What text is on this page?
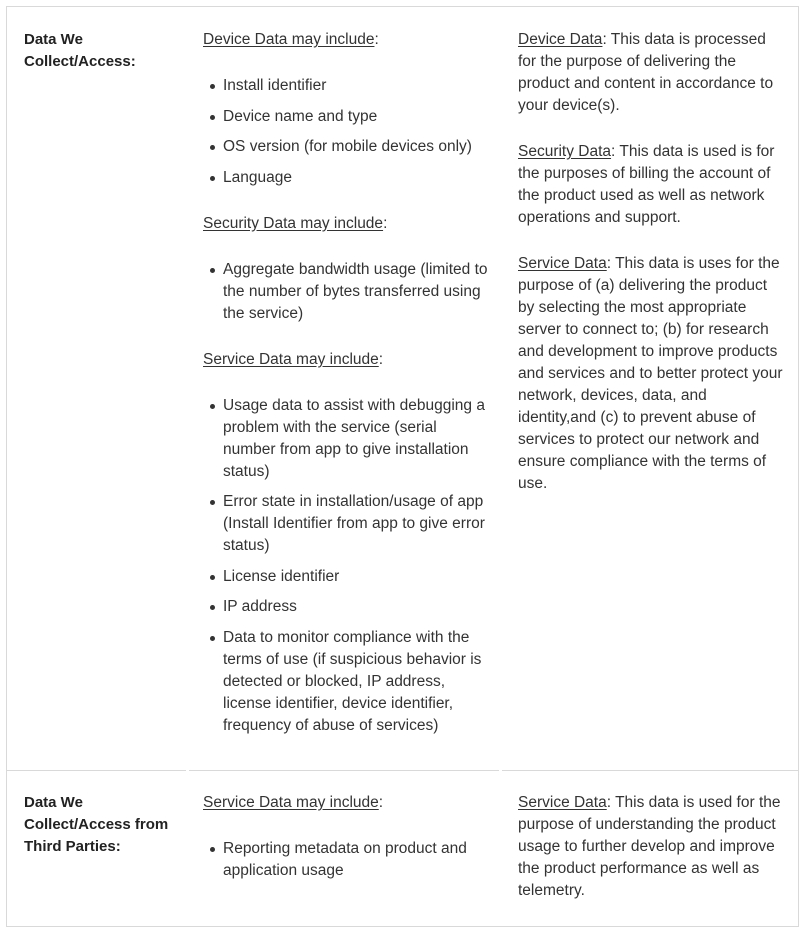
Data We Collect/Access:
Device Data may include:
Install identifier
Device name and type
OS version (for mobile devices only)
Language
Security Data may include:
Aggregate bandwidth usage (limited to the number of bytes transferred using the service)
Service Data may include:
Usage data to assist with debugging a problem with the service (serial number from app to give installation status)
Error state in installation/usage of app (Install Identifier from app to give error status)
License identifier
IP address
Data to monitor compliance with the terms of use (if suspicious behavior is detected or blocked, IP address, license identifier, device identifier, frequency of abuse of services)

Device Data: This data is processed for the purpose of delivering the product and content in accordance to your device(s).

Security Data: This data is used is for the purposes of billing the account of the product used as well as network operations and support.

Service Data: This data is uses for the purpose of (a) delivering the product by selecting the most appropriate server to connect to; (b) for research and development to improve products and services and to better protect your network, devices, data, and identity,and (c) to prevent abuse of services to protect our network and ensure compliance with the terms of use.

Data We Collect/Access from Third Parties:
Service Data may include:
Reporting metadata on product and application usage

Service Data: This data is used for the purpose of understanding the product usage to further develop and improve the product performance as well as telemetry.
